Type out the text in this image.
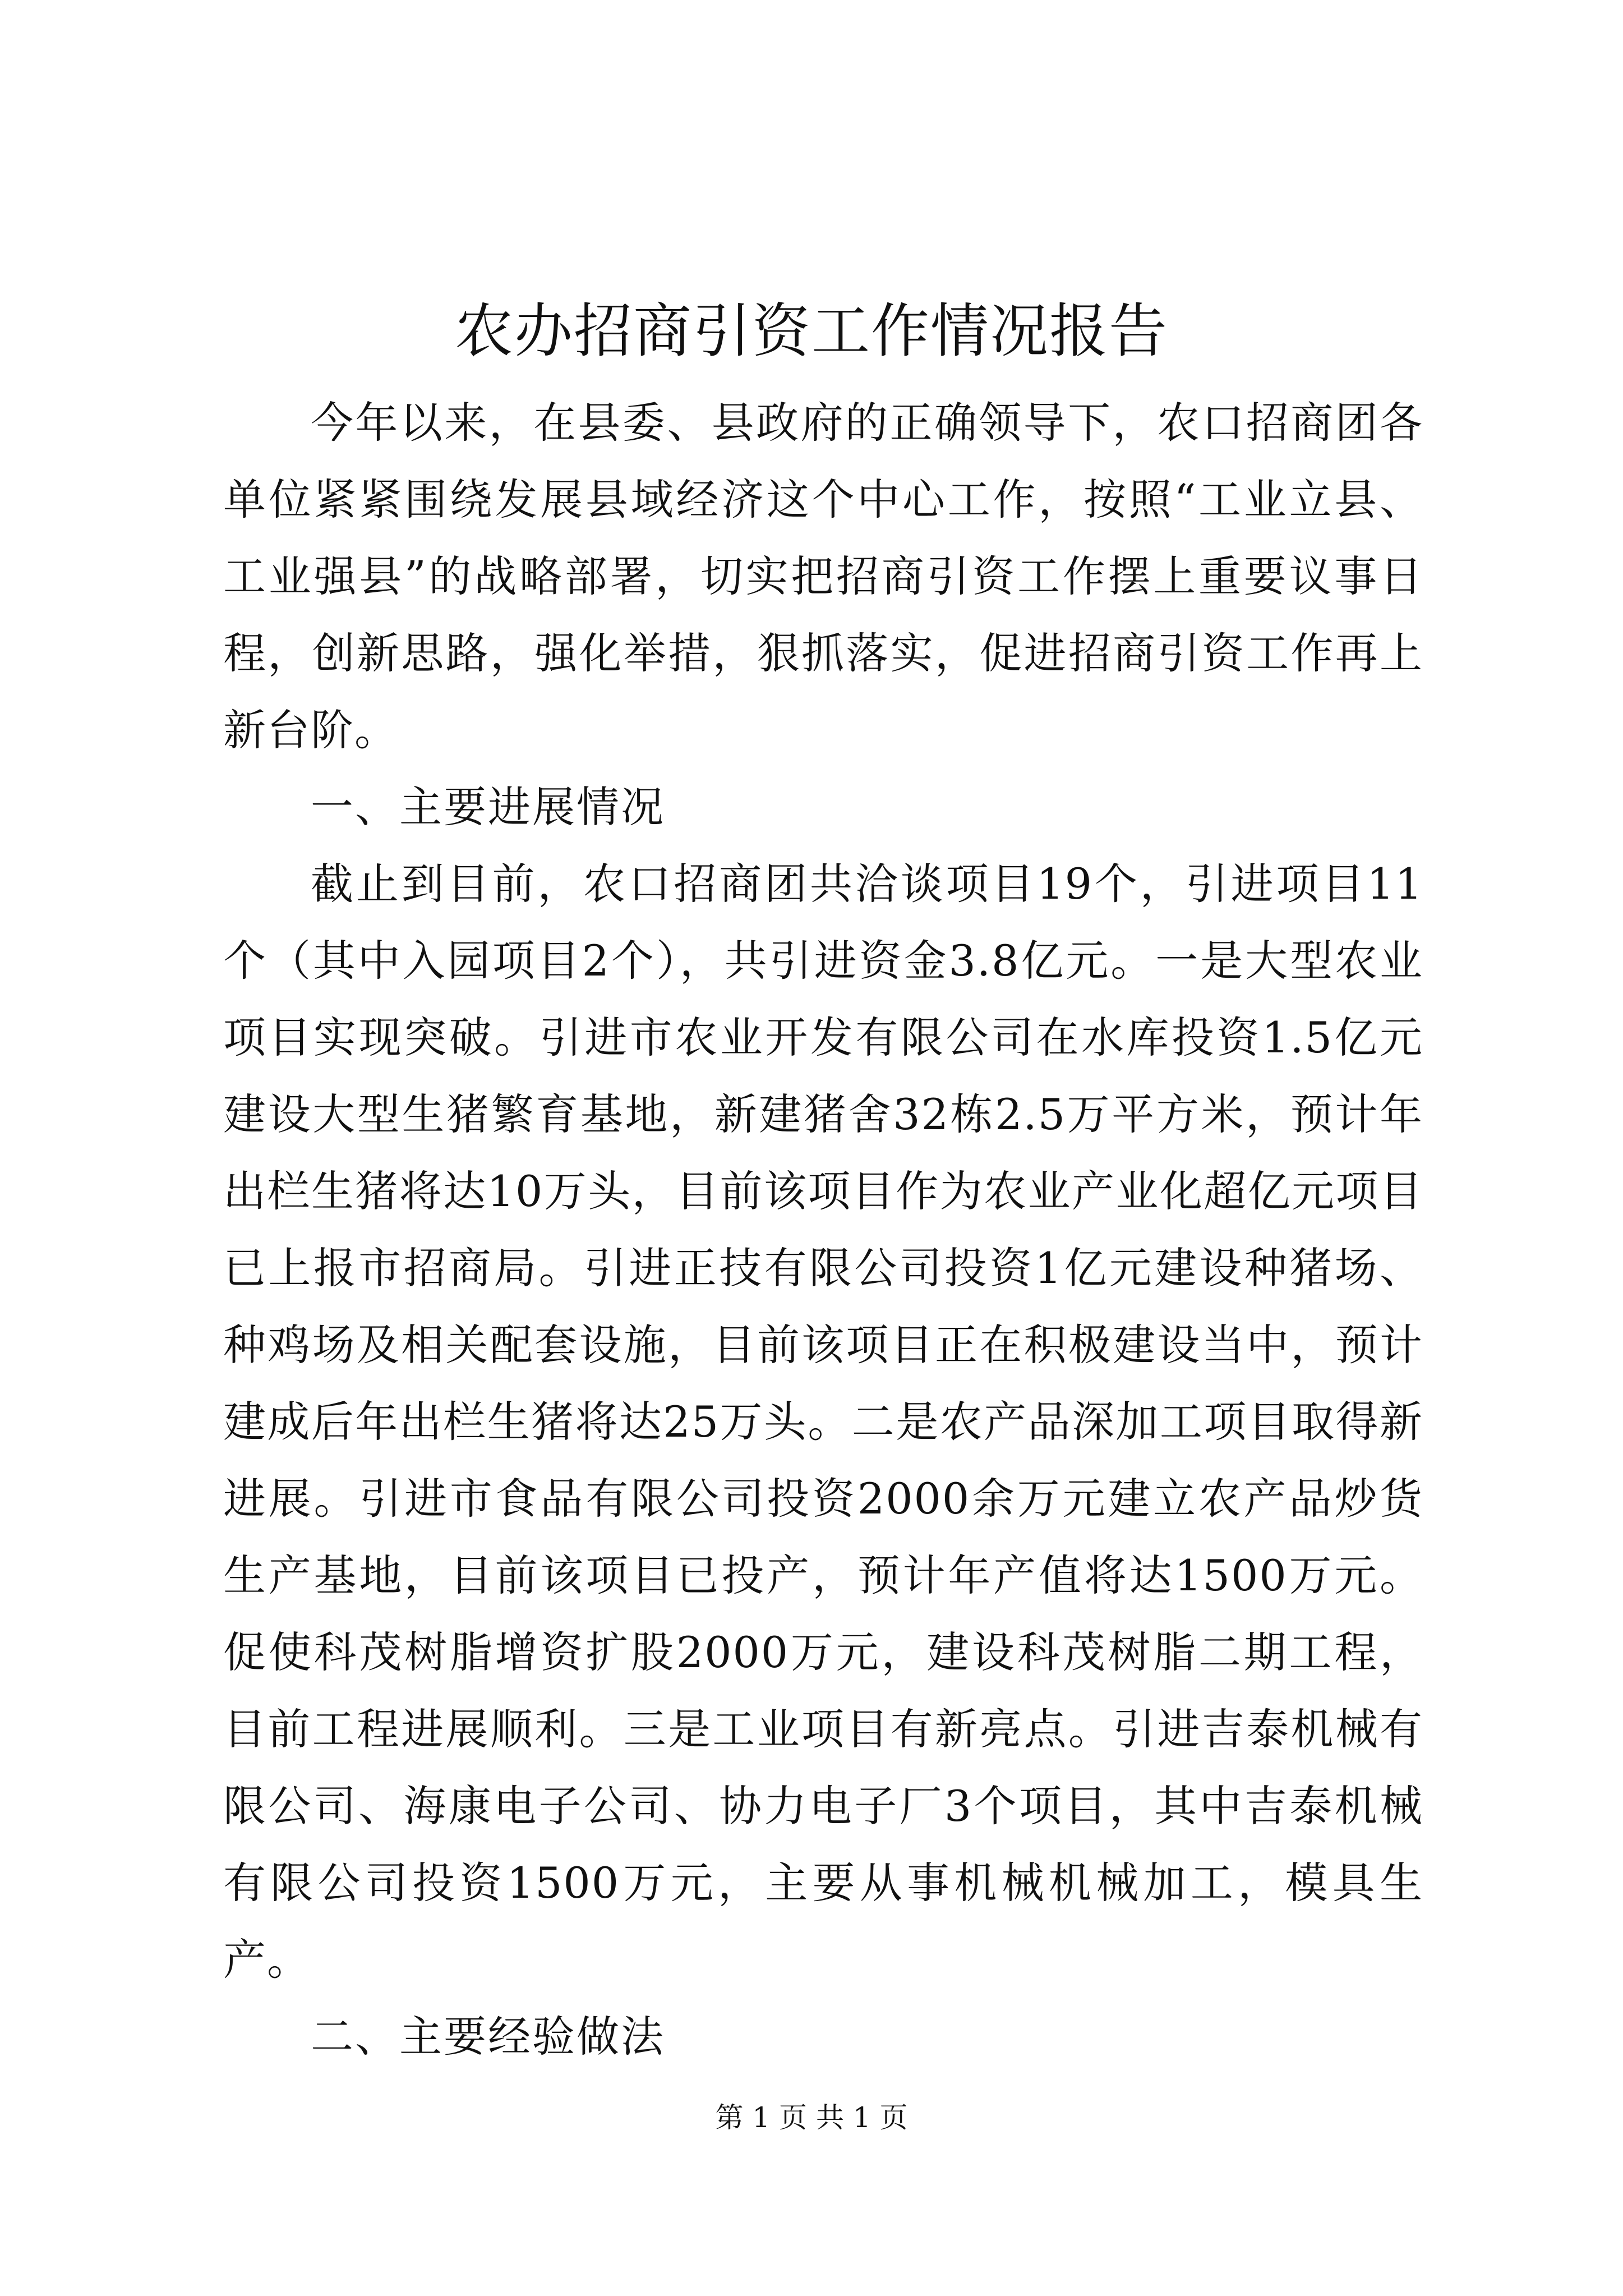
农办招商引资工作情况报告

今年以来，在县委、县政府的正确领导下，农口招商团各单位紧紧围绕发展县域经济这个中心工作，按照“工业立县、工业强县”的战略部署，切实把招商引资工作摆上重要议事日程，创新思路，强化举措，狠抓落实，促进招商引资工作再上新台阶。

一、主要进展情况

截止到目前，农口招商团共洽谈项目19个，引进项目11个（其中入园项目2个），共引进资金3.8亿元。一是大型农业项目实现突破。引进市农业开发有限公司在水库投资1.5亿元建设大型生猪繁育基地，新建猪舍32栋2.5万平方米，预计年出栏生猪将达10万头，目前该项目作为农业产业化超亿元项目已上报市招商局。引进正技有限公司投资1亿元建设种猪场、种鸡场及相关配套设施，目前该项目正在积极建设当中，预计建成后年出栏生猪将达25万头。二是农产品深加工项目取得新进展。引进市食品有限公司投资2000余万元建立农产品炒货生产基地，目前该项目已投产，预计年产值将达1500万元。促使科茂树脂增资扩股2000万元，建设科茂树脂二期工程，目前工程进展顺利。三是工业项目有新亮点。引进吉泰机械有限公司、海康电子公司、协力电子厂3个项目，其中吉泰机械有限公司投资1500万元，主要从事机械机械加工，模具生产。

二、主要经验做法

第 1 页 共 1 页
